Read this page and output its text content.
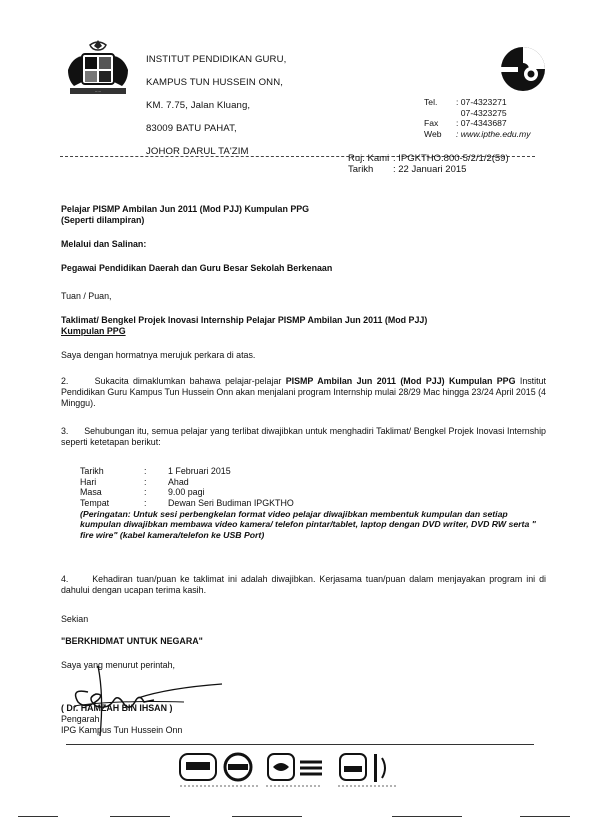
·····

INSTITUT PENDIDIKAN GURU,

KAMPUS TUN HUSSEIN ONN,

KM. 7.75, Jalan Kluang,

83009 BATU PAHAT,

JOHOR DARUL TA'ZIM

Tel.	: 07-4323271
07-4323275
Fax	: 07-4343687
Web	: www.ipthe.edu.my
Ruj. Kami : IPGKTHO.800-5/2/1/2(59)
Tarikh	: 22 Januari 2015
Pelajar PISMP Ambilan Jun 2011 (Mod PJJ) Kumpulan PPG
(Seperti dilampiran)
Melalui dan Salinan:
Pegawai Pendidikan Daerah dan Guru Besar Sekolah Berkenaan
Tuan / Puan,
Taklimat/ Bengkel Projek Inovasi Internship Pelajar PISMP Ambilan Jun 2011 (Mod PJJ)
Kumpulan PPG
Saya dengan hormatnya merujuk perkara di atas.
2.	Sukacita dimaklumkan bahawa pelajar-pelajar PISMP Ambilan Jun 2011 (Mod PJJ) Kumpulan PPG Institut Pendidikan Guru Kampus Tun Hussein Onn akan menjalani program Internship mulai 28/29 Mac hingga 23/24 April 2015 (4 Minggu).
3. Sehubungan itu, semua pelajar yang terlibat diwajibkan untuk menghadiri Taklimat/ Bengkel Projek Inovasi Internship seperti ketetapan berikut:
Tarikh	:	1 Februari 2015
Hari	:	Ahad
Masa	:	9.00 pagi
Tempat	:	Dewan Seri Budiman IPGKTHO
(Peringatan: Untuk sesi perbengkelan format video pelajar diwajibkan membentuk kumpulan dan setiap kumpulan diwajibkan membawa video kamera/ telefon pintar/tablet, laptop dengan DVD writer, DVD RW serta " fire wire" (kabel kamera/telefon ke USB Port)
4.	Kehadiran tuan/puan ke taklimat ini adalah diwajibkan. Kerjasama tuan/puan dalam menjayakan program ini di dahului dengan ucapan terima kasih.
Sekian
"BERKHIDMAT UNTUK NEGARA"
Saya yang menurut perintah,
( Dr. HAMZAH BIN IHSAN )
Pengarah
IPG Kampus Tun Hussein Onn
